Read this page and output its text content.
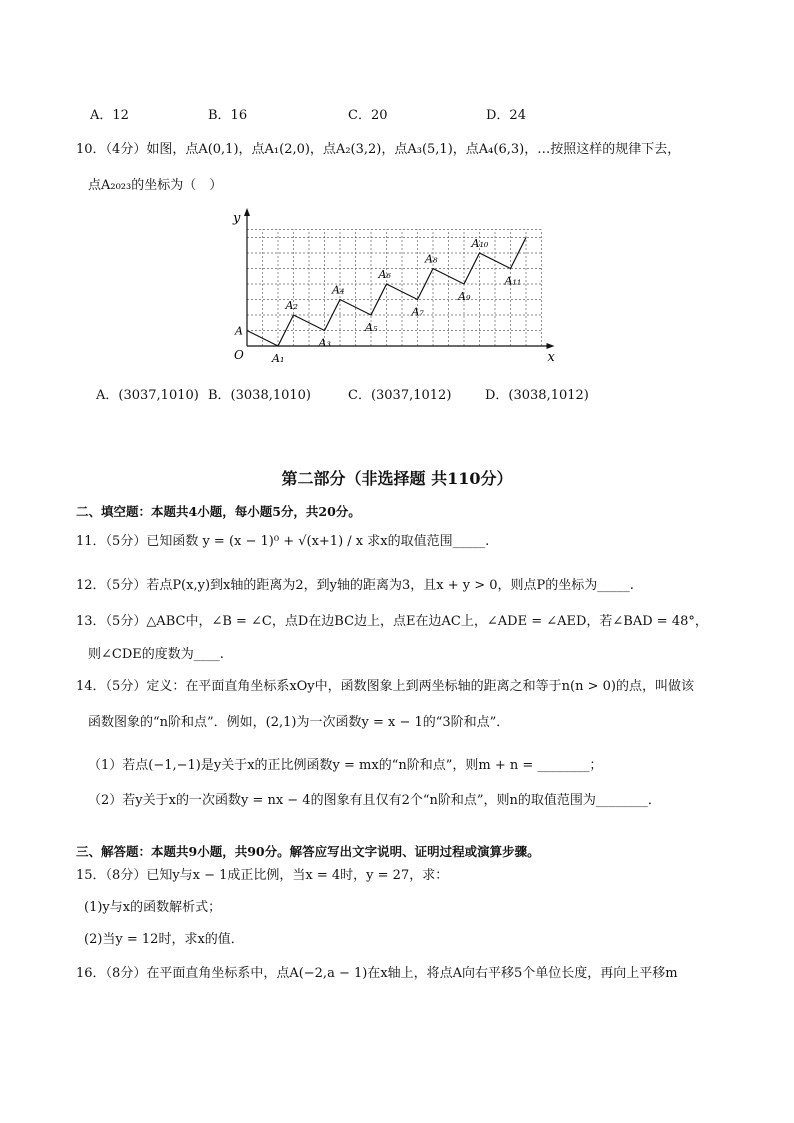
A．12	B．16	C．20	D．24
10．（4分）如图，点A(0,1)，点A₁(2,0)，点A₂(3,2)，点A₃(5,1)，点A₄(6,3)，…按照这样的规律下去，
点A₂₀₂₃的坐标为（　）
x
y
O
A
A₁
A₂
A₃
A₄
A₅
A₆
A₇
A₈
A₉
A₁₀
A₁₁
A．(3037,1010) B．(3038,1010)	C．(3037,1012)	D．(3038,1012)
第二部分（非选择题 共110分）
二、填空题：本题共4小题，每小题5分，共20分。
11．（5分）已知函数 y = (x − 1)⁰ + √(x+1) / x 求x的取值范围_____.
12．（5分）若点P(x,y)到x轴的距离为2，到y轴的距离为3，且x + y > 0，则点P的坐标为_____.
13．（5分）△ABC中，∠B = ∠C，点D在边BC边上，点E在边AC上，∠ADE = ∠AED，若∠BAD = 48°，
则∠CDE的度数为____.
14．（5分）定义：在平面直角坐标系xOy中，函数图象上到两坐标轴的距离之和等于n(n > 0)的点，叫做该
函数图象的“n阶和点”．例如，(2,1)为一次函数y = x − 1的“3阶和点”．
（1）若点(−1,−1)是y关于x的正比例函数y = mx的“n阶和点”，则m + n = ________；
（2）若y关于x的一次函数y = nx − 4的图象有且仅有2个“n阶和点”，则n的取值范围为________．
三、解答题：本题共9小题，共90分。解答应写出文字说明、证明过程或演算步骤。
15．（8分）已知y与x − 1成正比例，当x = 4时，y = 27，求：
(1)y与x的函数解析式；
(2)当y = 12时，求x的值．
16．（8分）在平面直角坐标系中，点A(−2,a − 1)在x轴上，将点A向右平移5个单位长度，再向上平移m
